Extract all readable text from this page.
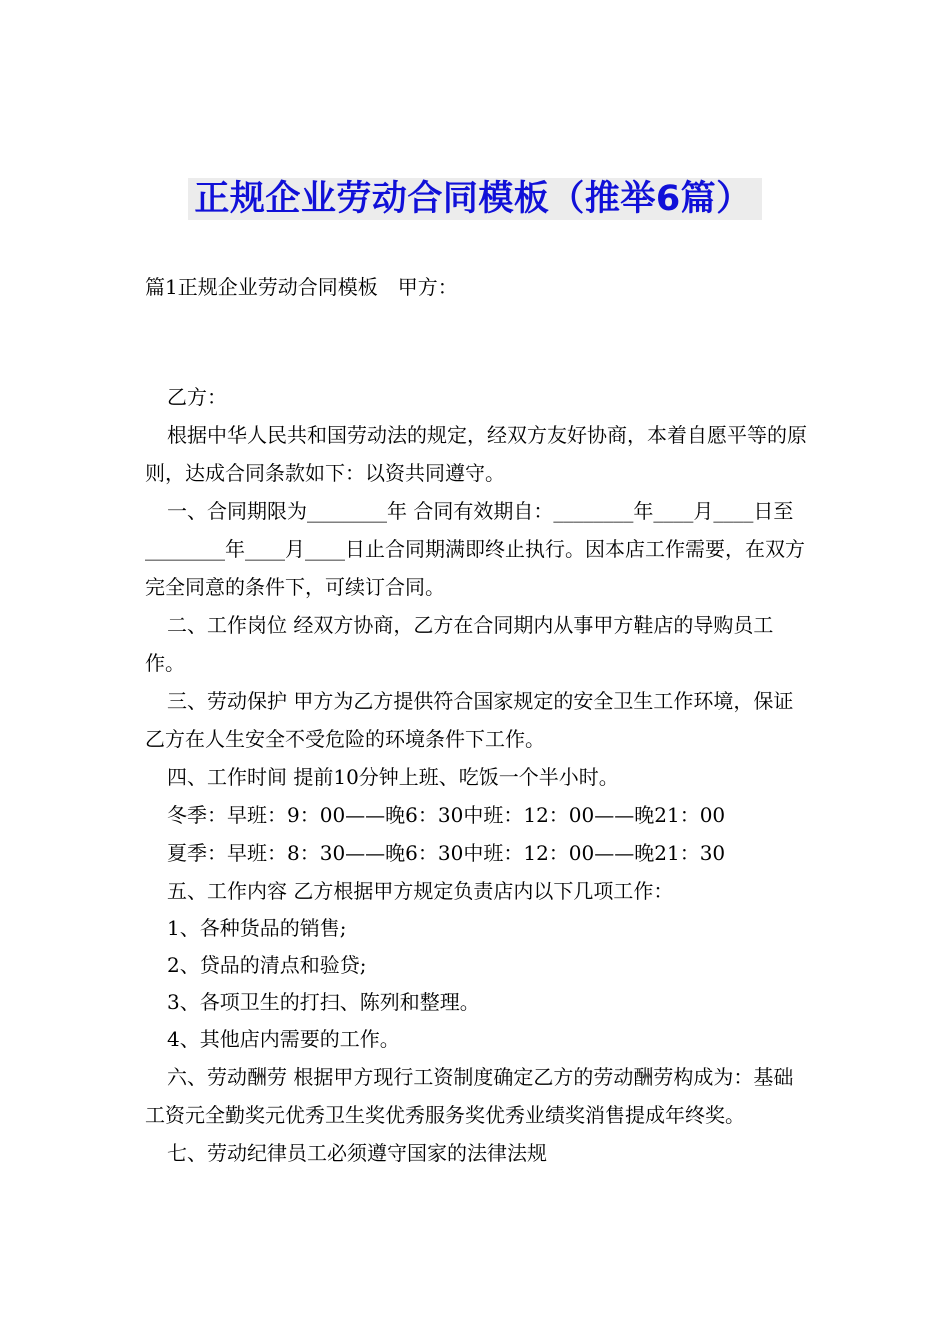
正规企业劳动合同模板（推举6篇）
篇1正规企业劳动合同模板　甲方：

乙方：

根据中华人民共和国劳动法的规定，经双方友好协商，本着自愿平等的原则，达成合同条款如下：以资共同遵守。

一、合同期限为________年 合同有效期自：________年____月____日至________年____月____日止合同期满即终止执行。因本店工作需要，在双方完全同意的条件下，可续订合同。

二、工作岗位 经双方协商，乙方在合同期内从事甲方鞋店的导购员工作。

三、劳动保护 甲方为乙方提供符合国家规定的安全卫生工作环境，保证乙方在人生安全不受危险的环境条件下工作。

四、工作时间 提前10分钟上班、吃饭一个半小时。

冬季：早班：9：00——晚6：30中班：12：00——晚21：00

夏季：早班：8：30——晚6：30中班：12：00——晚21：30

五、工作内容 乙方根据甲方规定负责店内以下几项工作：

1、各种货品的销售;

2、贷品的清点和验贷;

3、各项卫生的打扫、陈列和整理。

4、其他店内需要的工作。

六、劳动酬劳 根据甲方现行工资制度确定乙方的劳动酬劳构成为：基础工资元全勤奖元优秀卫生奖优秀服务奖优秀业绩奖消售提成年终奖。

七、劳动纪律员工必须遵守国家的法律法规
